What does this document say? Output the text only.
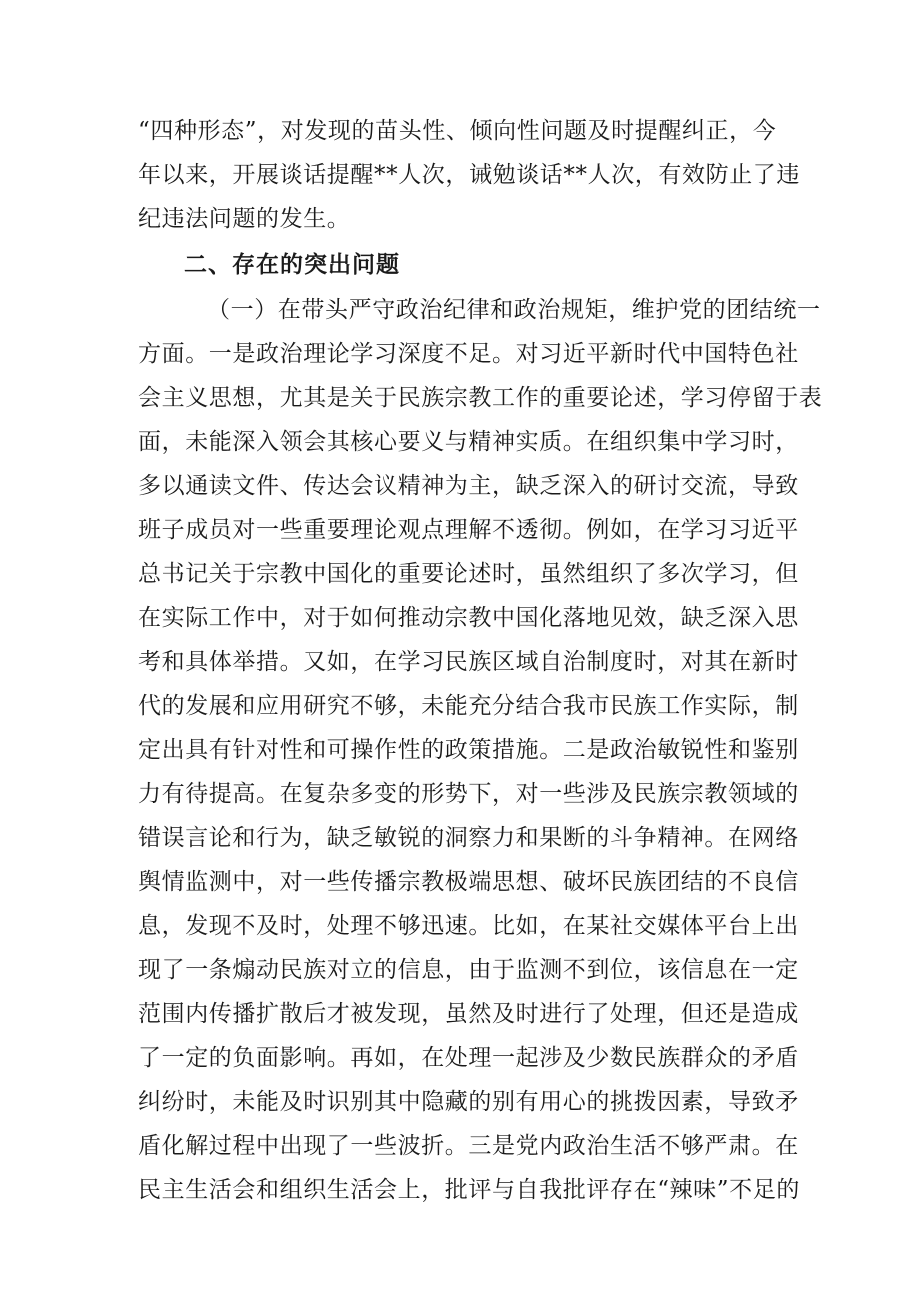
“四种形态”，对发现的苗头性、倾向性问题及时提醒纠正，今
年以来，开展谈话提醒**人次，诫勉谈话**人次，有效防止了违
纪违法问题的发生。
二、存在的突出问题
（一）在带头严守政治纪律和政治规矩，维护党的团结统一
方面。一是政治理论学习深度不足。对习近平新时代中国特色社
会主义思想，尤其是关于民族宗教工作的重要论述，学习停留于表
面，未能深入领会其核心要义与精神实质。在组织集中学习时，
多以通读文件、传达会议精神为主，缺乏深入的研讨交流，导致
班子成员对一些重要理论观点理解不透彻。例如，在学习习近平
总书记关于宗教中国化的重要论述时，虽然组织了多次学习，但
在实际工作中，对于如何推动宗教中国化落地见效，缺乏深入思
考和具体举措。又如，在学习民族区域自治制度时，对其在新时
代的发展和应用研究不够，未能充分结合我市民族工作实际，制
定出具有针对性和可操作性的政策措施。二是政治敏锐性和鉴别
力有待提高。在复杂多变的形势下，对一些涉及民族宗教领域的
错误言论和行为，缺乏敏锐的洞察力和果断的斗争精神。在网络
舆情监测中，对一些传播宗教极端思想、破坏民族团结的不良信
息，发现不及时，处理不够迅速。比如，在某社交媒体平台上出
现了一条煽动民族对立的信息，由于监测不到位，该信息在一定
范围内传播扩散后才被发现，虽然及时进行了处理，但还是造成
了一定的负面影响。再如，在处理一起涉及少数民族群众的矛盾
纠纷时，未能及时识别其中隐藏的别有用心的挑拨因素，导致矛
盾化解过程中出现了一些波折。三是党内政治生活不够严肃。在
民主生活会和组织生活会上，批评与自我批评存在“辣味”不足的
